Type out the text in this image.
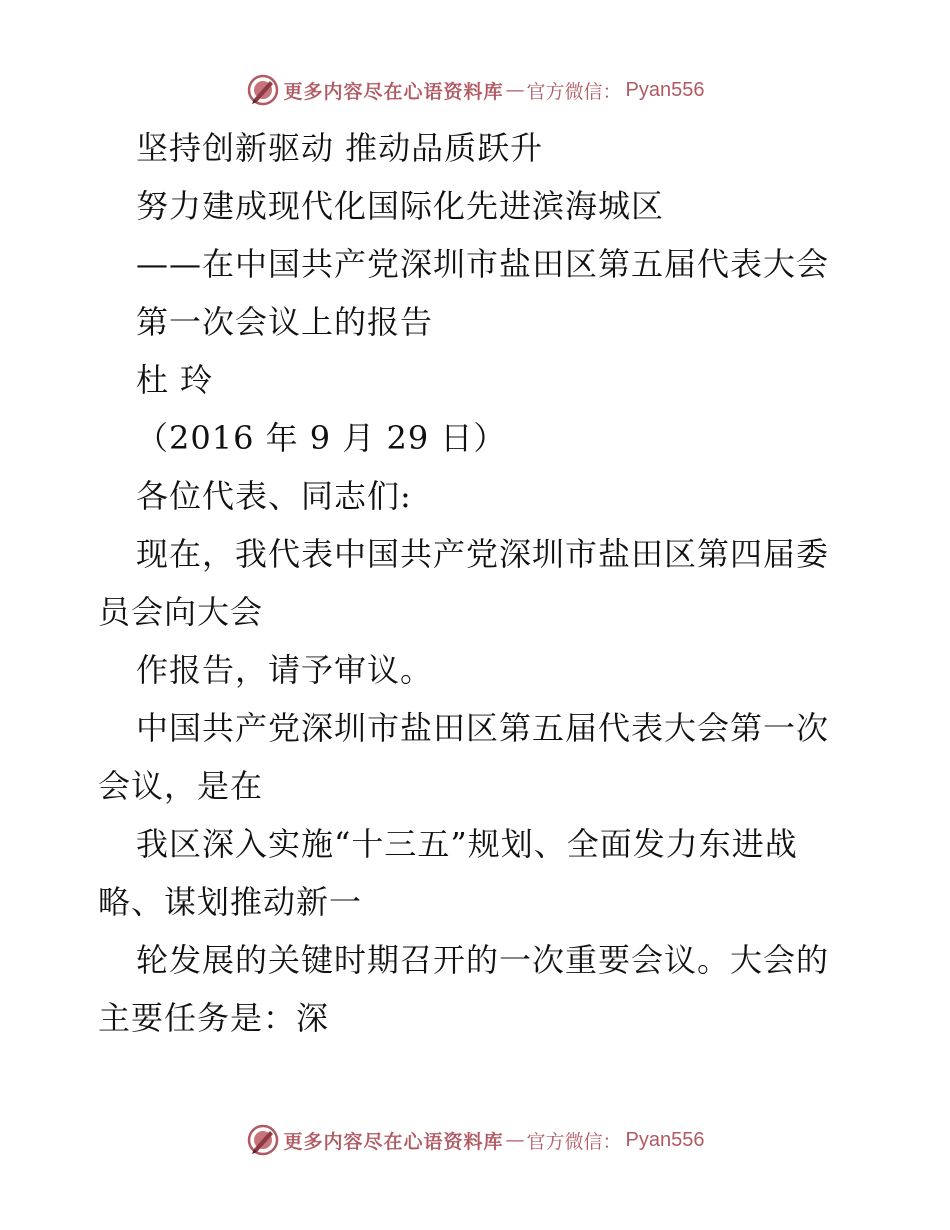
更多内容尽在心语资料库 — 官方微信： Pyan556
坚持创新驱动 推动品质跃升
努力建成现代化国际化先进滨海城区
——在中国共产党深圳市盐田区第五届代表大会
第一次会议上的报告
杜 玲
（2016 年 9 月 29 日）
各位代表、同志们:
现在，我代表中国共产党深圳市盐田区第四届委
员会向大会
作报告，请予审议。
中国共产党深圳市盐田区第五届代表大会第一次
会议，是在
我区深入实施“十三五”规划、全面发力东进战
略、谋划推动新一
轮发展的关键时期召开的一次重要会议。大会的
主要任务是：深
更多内容尽在心语资料库 — 官方微信： Pyan556
